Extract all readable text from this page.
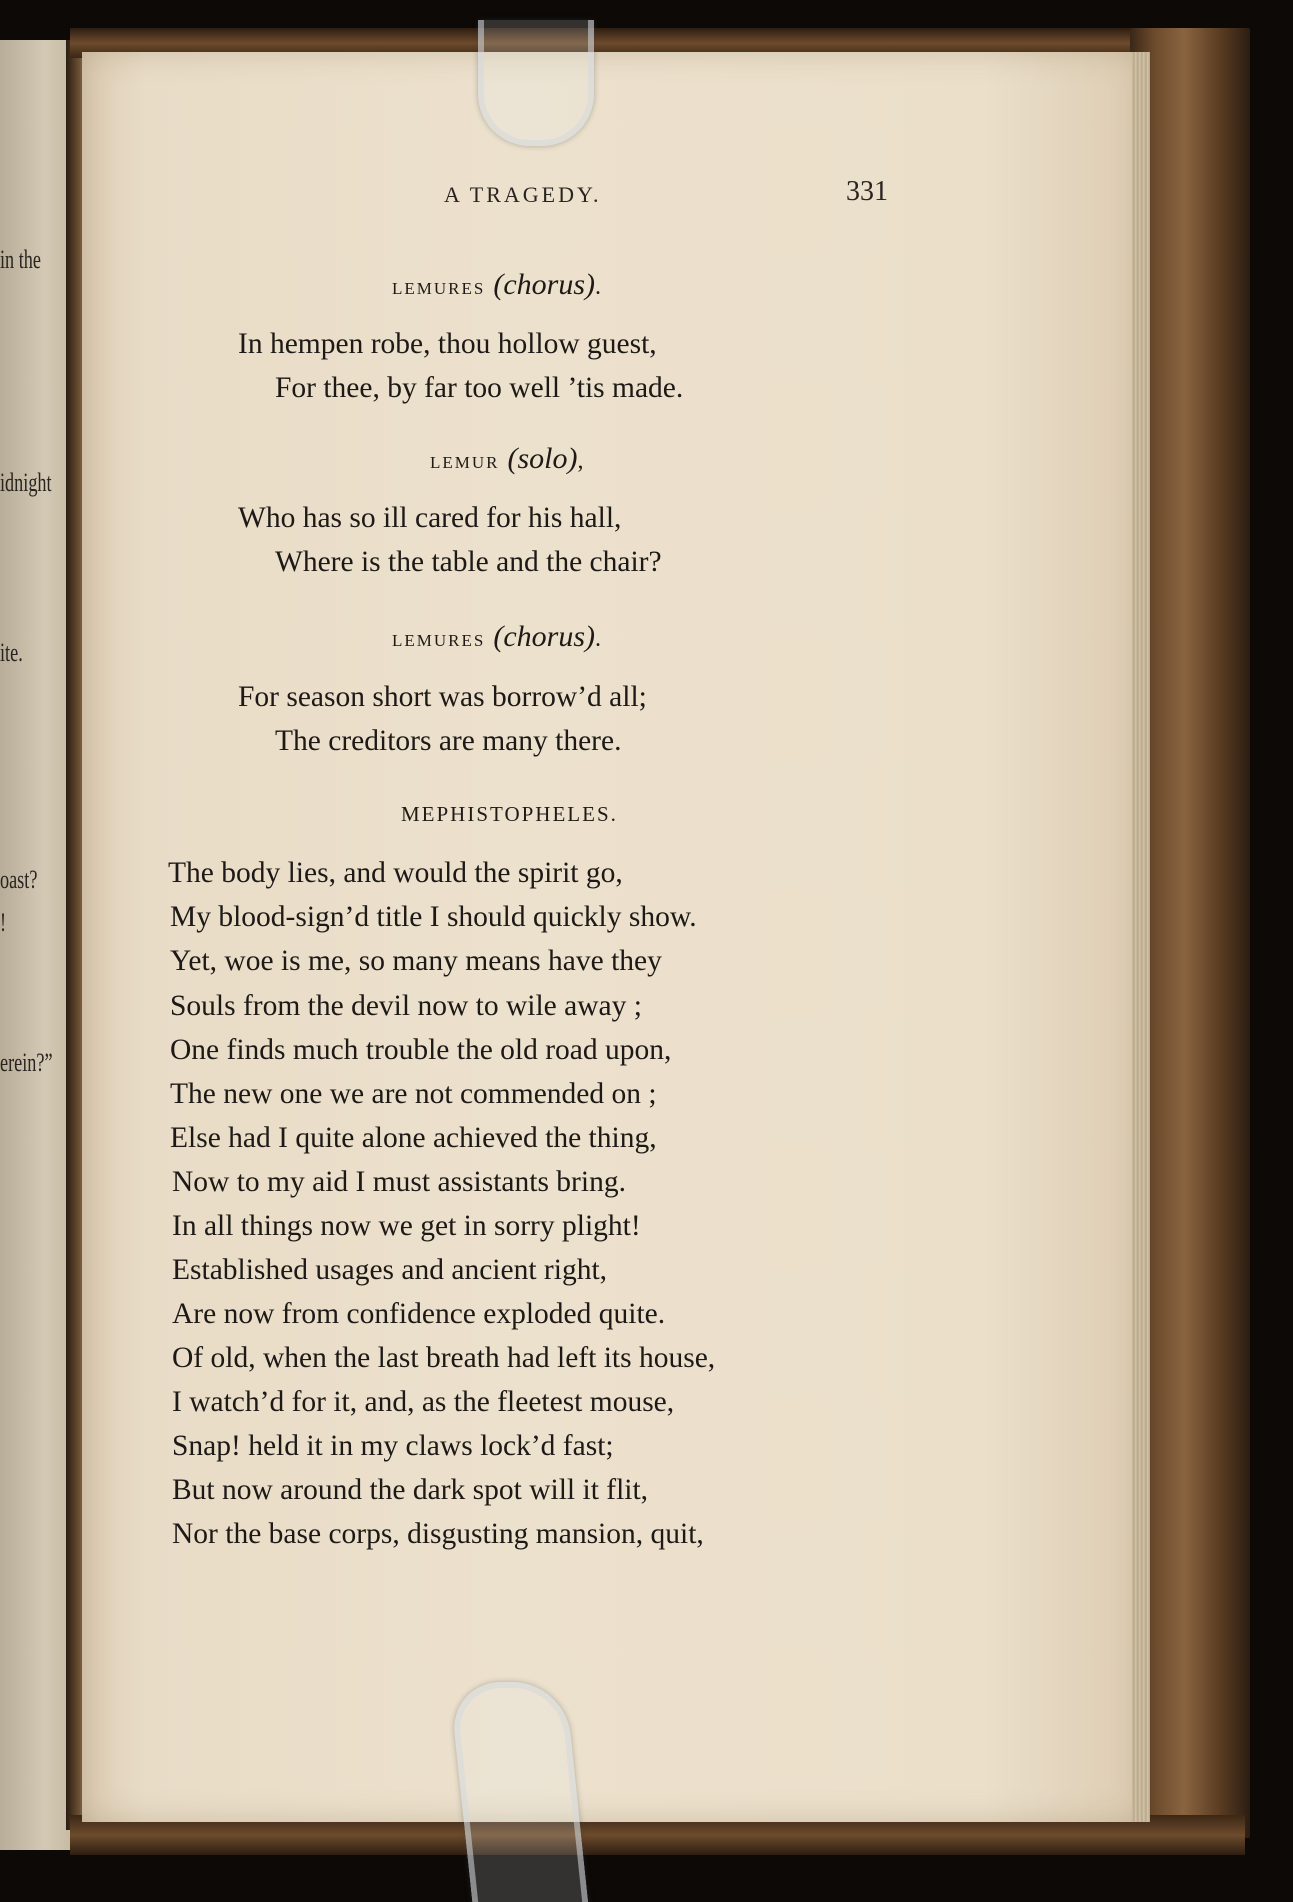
in the
idnight
ite.
oast?
!
erein?”
A TRAGEDY.	331
lemures (chorus).
In hempen robe, thou hollow guest,
For thee, by far too well ’tis made.
lemur (solo),
Who has so ill cared for his hall,
Where is the table and the chair?
lemures (chorus).
For season short was borrow’d all;
The creditors are many there.
MEPHISTOPHELES.
The body lies, and would the spirit go,
My blood-sign’d title I should quickly show.
Yet, woe is me, so many means have they
Souls from the devil now to wile away ;
One finds much trouble the old road upon,
The new one we are not commended on ;
Else had I quite alone achieved the thing,
Now to my aid I must assistants bring.
In all things now we get in sorry plight!
Established usages and ancient right,
Are now from confidence exploded quite.
Of old, when the last breath had left its house,
I watch’d for it, and, as the fleetest mouse,
Snap! held it in my claws lock’d fast;
But now around the dark spot will it flit,
Nor the base corps, disgusting mansion, quit,
